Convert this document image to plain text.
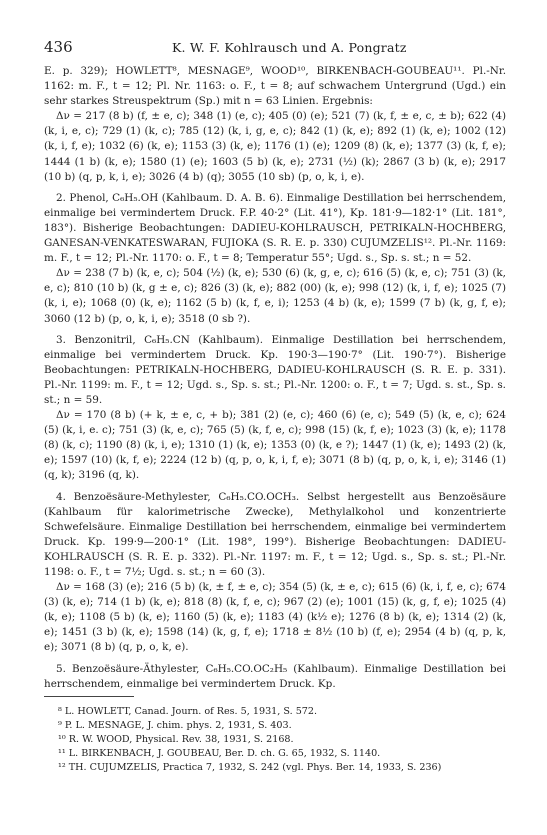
436	K. W. F. Kohlrausch und A. Pongratz

E. p. 329); HOWLETT⁸, MESNAGE⁹, WOOD¹⁰, BIRKENBACH-GOUBEAU¹¹. Pl.-Nr. 1162: m. F., t = 12; Pl. Nr. 1163: o. F., t = 8; auf schwachem Untergrund (Ugd.) ein sehr starkes Streuspektrum (Sp.) mit n = 63 Linien. Ergebnis:

Δν = 217 (8 b) (f, ± e, c); 348 (1) (e, c); 405 (0) (e); 521 (7) (k, f, ± e, c, ± b); 622 (4) (k, i, e, c); 729 (1) (k, c); 785 (12) (k, i, g, e, c); 842 (1) (k, e); 892 (1) (k, e); 1002 (12) (k, i, f, e); 1032 (6) (k, e); 1153 (3) (k, e); 1176 (1) (e); 1209 (8) (k, e); 1377 (3) (k, f, e); 1444 (1 b) (k, e); 1580 (1) (e); 1603 (5 b) (k, e); 2731 (½) (k); 2867 (3 b) (k, e); 2917 (10 b) (q, p, k, i, e); 3026 (4 b) (q); 3055 (10 sb) (p, o, k, i, e).

2. Phenol, C₆H₅.OH (Kahlbaum. D. A. B. 6). Einmalige Destillation bei herrschendem, einmalige bei vermindertem Druck. F.P. 40·2° (Lit. 41°), Kp. 181·9—182·1° (Lit. 181°, 183°). Bisherige Beobachtungen: DADIEU-KOHLRAUSCH, PETRIKALN-HOCHBERG, GANESAN-VENKATESWARAN, FUJIOKA (S. R. E. p. 330) CUJUMZELIS¹². Pl.-Nr. 1169: m. F., t = 12; Pl.-Nr. 1170: o. F., t = 8; Temperatur 55°; Ugd. s., Sp. s. st.; n = 52.

Δν = 238 (7 b) (k, e, c); 504 (½) (k, e); 530 (6) (k, g, e, c); 616 (5) (k, e, c); 751 (3) (k, e, c); 810 (10 b) (k, g ± e, c); 826 (3) (k, e); 882 (00) (k, e); 998 (12) (k, i, f, e); 1025 (7) (k, i, e); 1068 (0) (k, e); 1162 (5 b) (k, f, e, i); 1253 (4 b) (k, e); 1599 (7 b) (k, g, f, e); 3060 (12 b) (p, o, k, i, e); 3518 (0 sb ?).

3. Benzonitril, C₆H₅.CN (Kahlbaum). Einmalige Destillation bei herrschendem, einmalige bei vermindertem Druck. Kp. 190·3—190·7° (Lit. 190·7°). Bisherige Beobachtungen: PETRIKALN-HOCHBERG, DADIEU-KOHLRAUSCH (S. R. E. p. 331). Pl.-Nr. 1199: m. F., t = 12; Ugd. s., Sp. s. st.; Pl.-Nr. 1200: o. F., t = 7; Ugd. s. st., Sp. s. st.; n = 59.

Δν = 170 (8 b) (+ k, ± e, c, + b); 381 (2) (e, c); 460 (6) (e, c); 549 (5) (k, e, c); 624 (5) (k, i, e. c); 751 (3) (k, e, c); 765 (5) (k, f, e, c); 998 (15) (k, f, e); 1023 (3) (k, e); 1178 (8) (k, c); 1190 (8) (k, i, e); 1310 (1) (k, e); 1353 (0) (k, e ?); 1447 (1) (k, e); 1493 (2) (k, e); 1597 (10) (k, f, e); 2224 (12 b) (q, p, o, k, i, f, e); 3071 (8 b) (q, p, o, k, i, e); 3146 (1) (q, k); 3196 (q, k).

4. Benzoësäure-Methylester, C₆H₅.CO.OCH₃. Selbst hergestellt aus Benzoësäure (Kahlbaum für kalorimetrische Zwecke), Methylalkohol und konzentrierte Schwefelsäure. Einmalige Destillation bei herrschendem, einmalige bei vermindertem Druck. Kp. 199·9—200·1° (Lit. 198°, 199°). Bisherige Beobachtungen: DADIEU-KOHLRAUSCH (S. R. E. p. 332). Pl.-Nr. 1197: m. F., t = 12; Ugd. s., Sp. s. st.; Pl.-Nr. 1198: o. F., t = 7½; Ugd. s. st.; n = 60 (3).

Δν = 168 (3) (e); 216 (5 b) (k, ± f, ± e, c); 354 (5) (k, ± e, c); 615 (6) (k, i, f, e, c); 674 (3) (k, e); 714 (1 b) (k, e); 818 (8) (k, f, e, c); 967 (2) (e); 1001 (15) (k, g, f, e); 1025 (4) (k, e); 1108 (5 b) (k, e); 1160 (5) (k, e); 1183 (4) (k½ e); 1276 (8 b) (k, e); 1314 (2) (k, e); 1451 (3 b) (k, e); 1598 (14) (k, g, f, e); 1718 ± 8½ (10 b) (f, e); 2954 (4 b) (q, p, k, e); 3071 (8 b) (q, p, o, k, e).

5. Benzoësäure-Äthylester, C₆H₅.CO.OC₂H₅ (Kahlbaum). Einmalige Destillation bei herrschendem, einmalige bei vermindertem Druck. Kp.

⁸ L. HOWLETT, Canad. Journ. of Res. 5, 1931, S. 572.

⁹ P. L. MESNAGE, J. chim. phys. 2, 1931, S. 403.

¹⁰ R. W. WOOD, Physical. Rev. 38, 1931, S. 2168.

¹¹ L. BIRKENBACH, J. GOUBEAU, Ber. D. ch. G. 65, 1932, S. 1140.

¹² TH. CUJUMZELIS, Practica 7, 1932, S. 242 (vgl. Phys. Ber. 14, 1933, S. 236)
